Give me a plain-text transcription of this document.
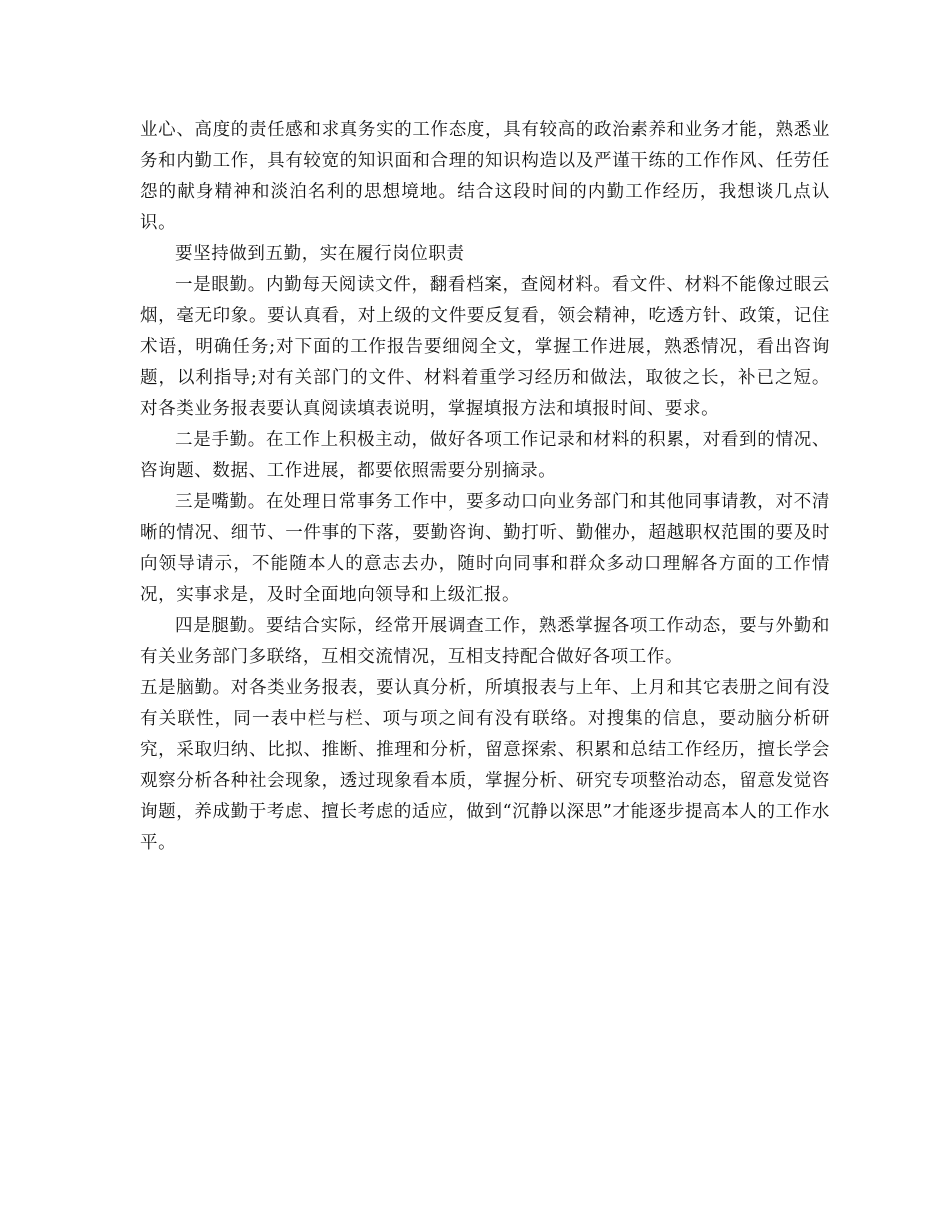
业心、高度的责任感和求真务实的工作态度，具有较高的政治素养和业务才能，熟悉业务和内勤工作，具有较宽的知识面和合理的知识构造以及严谨干练的工作作风、任劳任怨的献身精神和淡泊名利的思想境地。结合这段时间的内勤工作经历，我想谈几点认识。

要坚持做到五勤，实在履行岗位职责

一是眼勤。内勤每天阅读文件，翻看档案，查阅材料。看文件、材料不能像过眼云烟，毫无印象。要认真看，对上级的文件要反复看，领会精神，吃透方针、政策，记住术语，明确任务;对下面的工作报告要细阅全文，掌握工作进展，熟悉情况，看出咨询题，以利指导;对有关部门的文件、材料着重学习经历和做法，取彼之长，补已之短。对各类业务报表要认真阅读填表说明，掌握填报方法和填报时间、要求。

二是手勤。在工作上积极主动，做好各项工作记录和材料的积累，对看到的情况、咨询题、数据、工作进展，都要依照需要分别摘录。

三是嘴勤。在处理日常事务工作中，要多动口向业务部门和其他同事请教，对不清晰的情况、细节、一件事的下落，要勤咨询、勤打听、勤催办，超越职权范围的要及时向领导请示，不能随本人的意志去办，随时向同事和群众多动口理解各方面的工作情况，实事求是，及时全面地向领导和上级汇报。

四是腿勤。要结合实际，经常开展调查工作，熟悉掌握各项工作动态，要与外勤和有关业务部门多联络，互相交流情况，互相支持配合做好各项工作。

五是脑勤。对各类业务报表，要认真分析，所填报表与上年、上月和其它表册之间有没有关联性，同一表中栏与栏、项与项之间有没有联络。对搜集的信息，要动脑分析研究，采取归纳、比拟、推断、推理和分析，留意探索、积累和总结工作经历，擅长学会观察分析各种社会现象，透过现象看本质，掌握分析、研究专项整治动态，留意发觉咨询题，养成勤于考虑、擅长考虑的适应，做到“沉静以深思”才能逐步提高本人的工作水平。
